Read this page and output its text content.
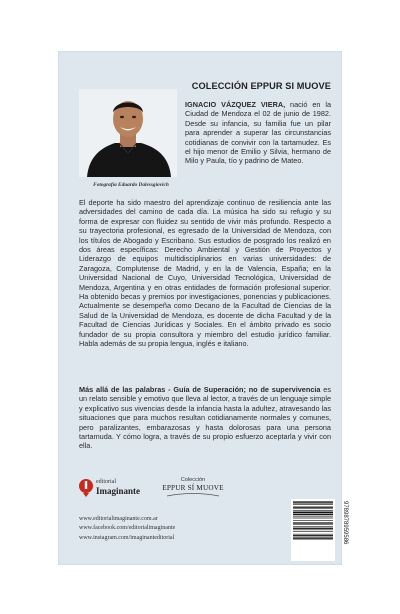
COLECCIÓN EPPUR SI MUOVE
Fotografía Eduardo Dalessgiovich
IGNACIO VÁZQUEZ VIERA, nació en la Ciudad de Mendoza el 02 de junio de 1982. Desde su infancia, su familia fue un pilar para aprender a superar las circunstancias cotidianas de convivir con la tartamudez. Es el hijo menor de Emilio y Silvia, hermano de Milo y Paula, tío y padrino de Mateo.
El deporte ha sido maestro del aprendizaje continuo de resiliencia ante las adversidades del camino de cada día. La música ha sido su refugio y su forma de expresar con fluidez su sentido de vivir más profundo. Respecto a su trayectoria profesional, es egresado de la Universidad de Mendoza, con los títulos de Abogado y Escribano. Sus estudios de posgrado los realizó en dos áreas específicas: Derecho Ambiental y Gestión de Proyectos y Liderazgo de equipos multidisciplinarios en varias universidades: de Zaragoza, Complutense de Madrid, y en la de Valencia, España; en la Universidad Nacional de Cuyo, Universidad Tecnológica, Universidad de Mendoza, Argentina y en otras entidades de formación profesional superior. Ha obtenido becas y premios por investigaciones, ponencias y publicaciones. Actualmente se desempeña como Decano de la Facultad de Ciencias de la Salud de la Universidad de Mendoza, es docente de dicha Facultad y de la Facultad de Ciencias Jurídicas y Sociales. En el ámbito privado es socio fundador de su propia consultora y miembro del estudio jurídico familiar. Habla además de su propia lengua, inglés e italiano.
Más allá de las palabras - Guía de Superación; no de supervivencia es un relato sensible y emotivo que lleva al lector, a través de un lenguaje simple y explicativo sus vivencias desde la infancia hasta la adultez, atravesando las situaciones que para muchos resultan cotidianamente normales y comunes, pero paralizantes, embarazosas y hasta dolorosas para una persona tartamuda. Y cómo logra, a través de su propio esfuerzo aceptarla y vivir con ella.
editorial
Imaginante
Colección
EPPUR SÍ MUOVE
www.editorialimaginante.com.ar
www.facebook.com/editorialimaginante
www.instagram.com/imaginanteditorial	9789878959586
